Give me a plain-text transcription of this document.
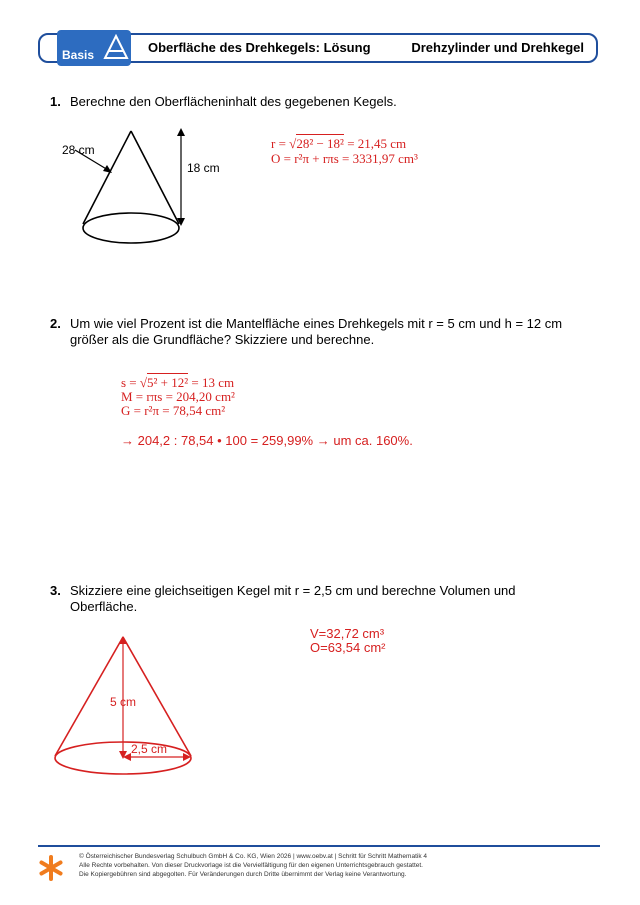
Basis	Oberfläche des Drehkegels: Lösung	Drehzylinder und Drehkegel
1. Berechne den Oberflächeninhalt des gegebenen Kegels.
28 cm
18 cm
r = √28² − 18² = 21,45 cm
O = r²π + rπs = 3331,97 cm³
2. Um wie viel Prozent ist die Mantelfläche eines Drehkegels mit r = 5 cm und h = 12 cm
größer als die Grundfläche? Skizziere und berechne.
s = √5² + 12² = 13 cm
M = rπs = 204,20 cm²
G = r²π = 78,54 cm²
→ 204,2 : 78,54 • 100 = 259,99% → um ca. 160%.
3. Skizziere eine gleichseitigen Kegel mit r = 2,5 cm und berechne Volumen und Oberfläche.
5 cm
2,5 cm
V=32,72 cm³
O=63,54 cm²
© Österreichischer Bundesverlag Schulbuch GmbH & Co. KG, Wien 2026 | www.oebv.at | Schritt für Schritt Mathematik 4
Alle Rechte vorbehalten. Von dieser Druckvorlage ist die Vervielfältigung für den eigenen Unterrichtsgebrauch gestattet.
Die Kopiergebühren sind abgegolten. Für Veränderungen durch Dritte übernimmt der Verlag keine Verantwortung.
